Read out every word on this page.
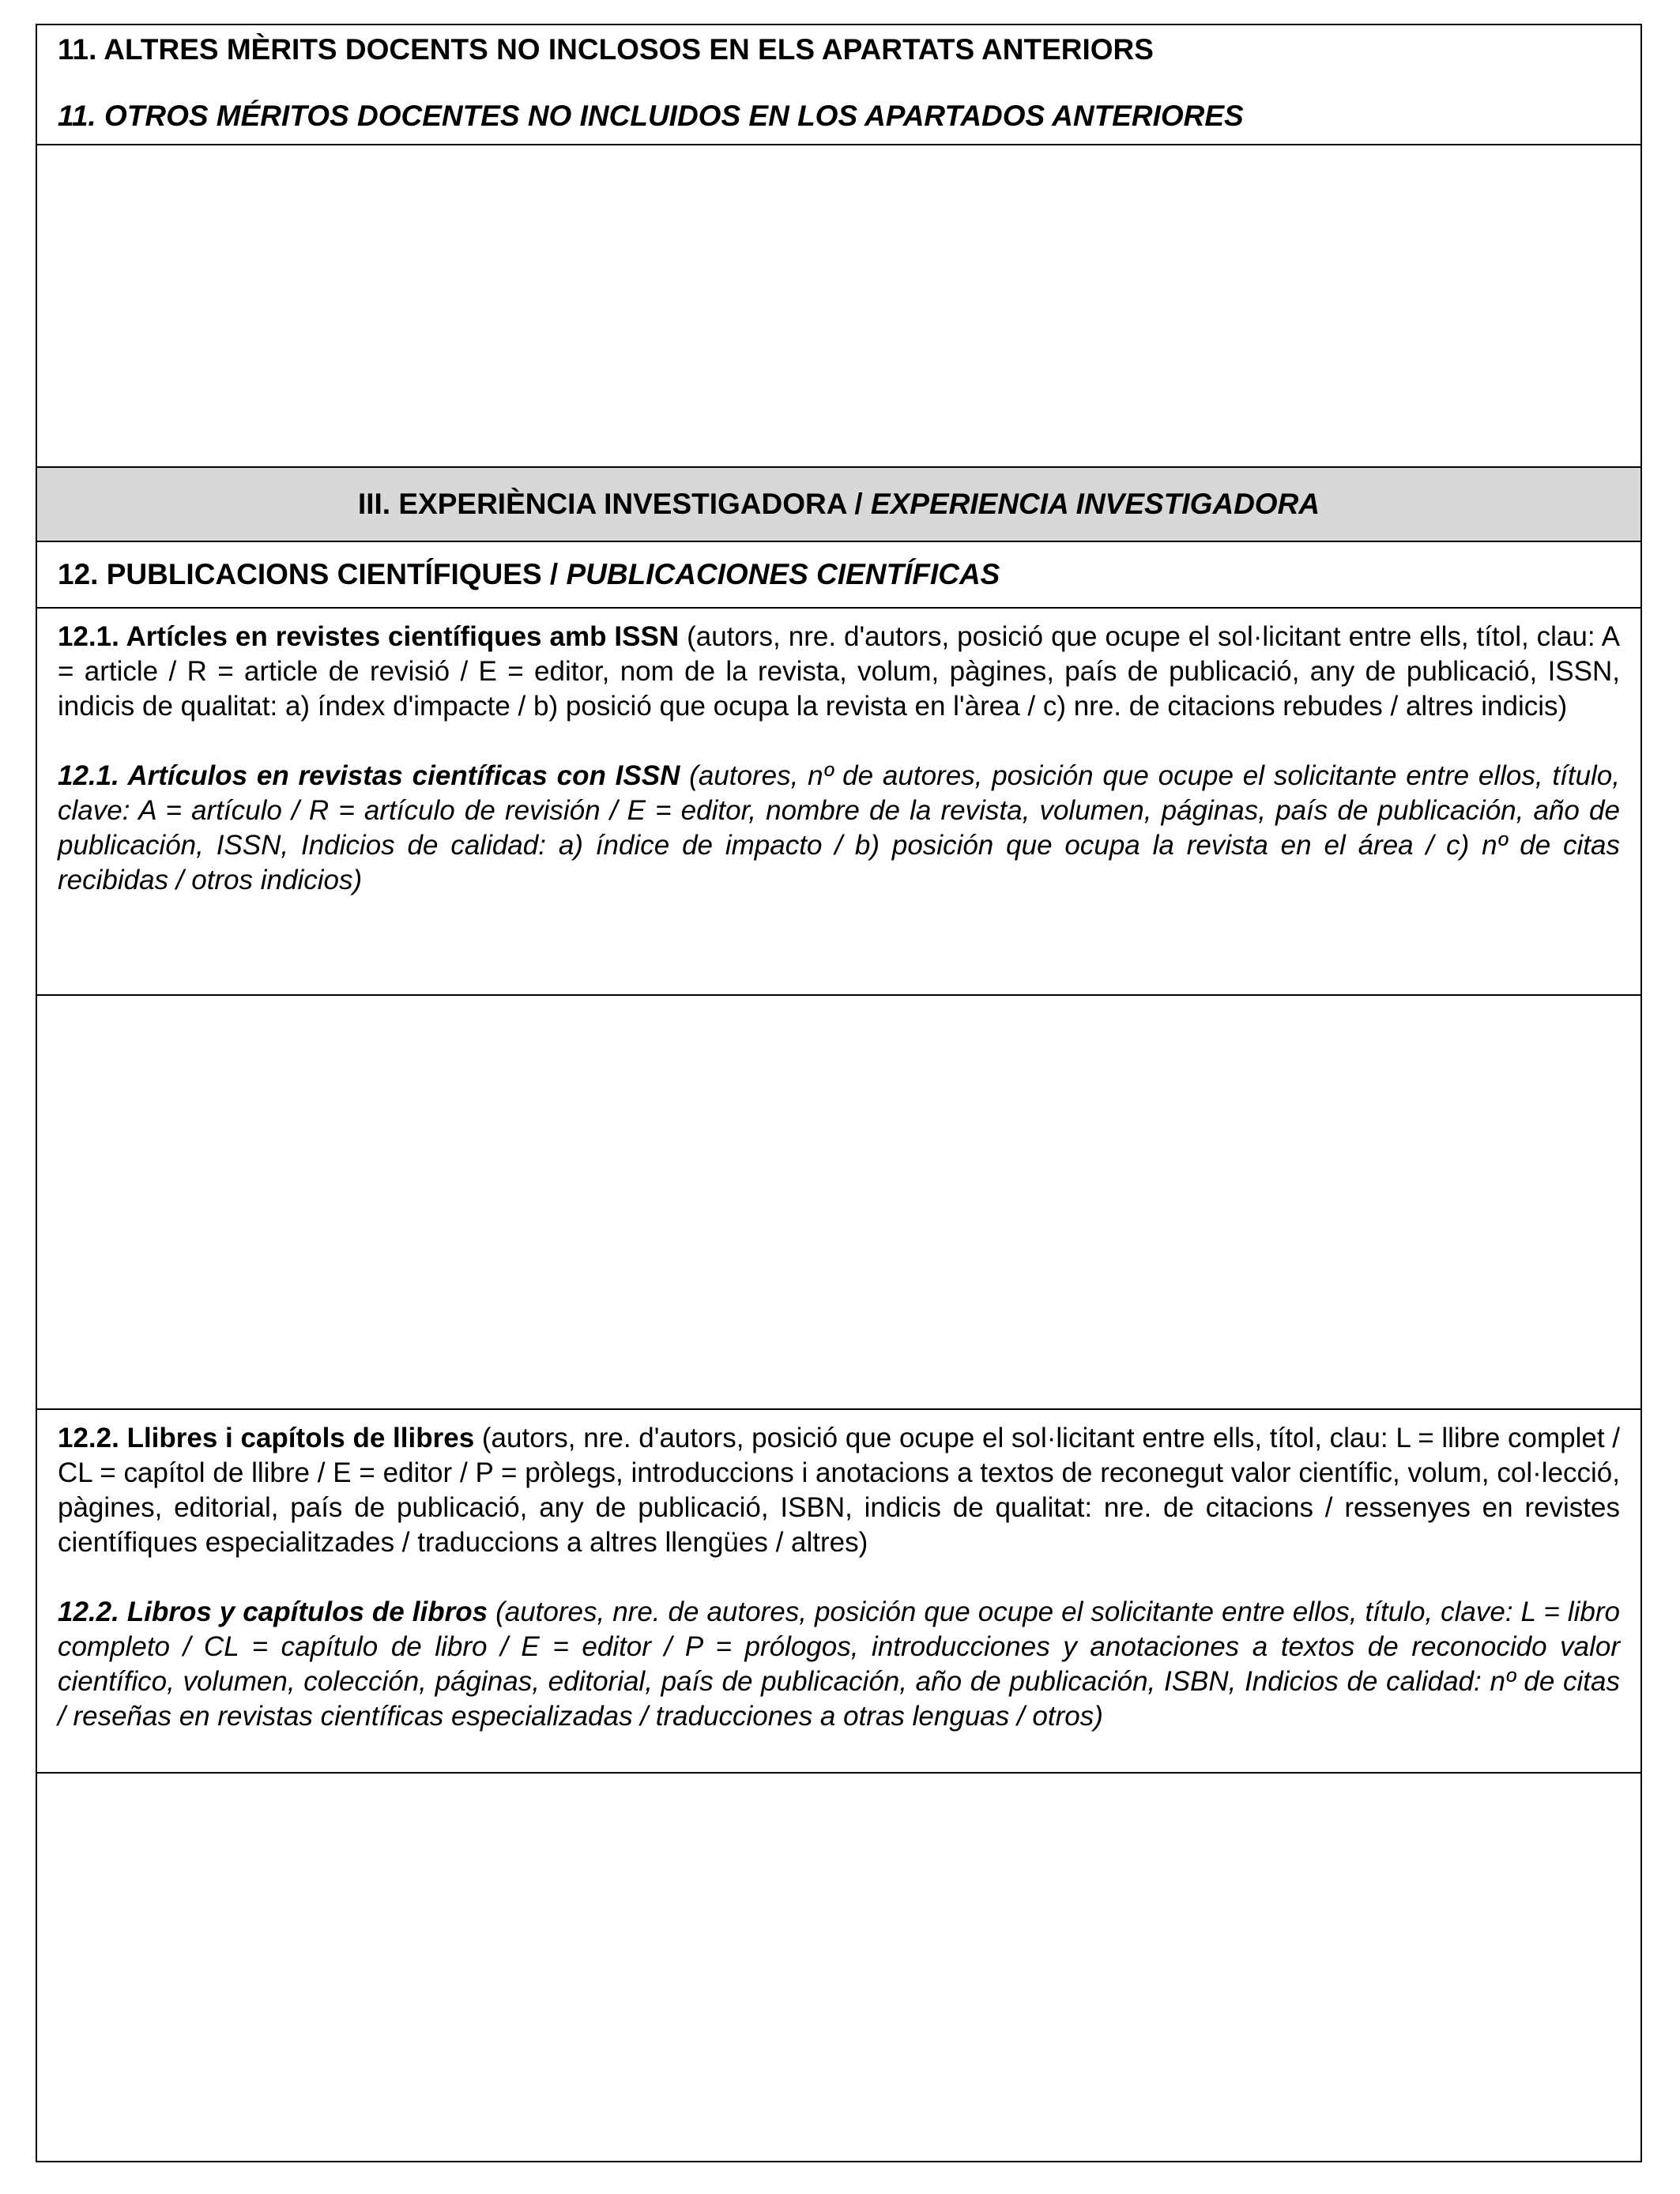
11. ALTRES MÈRITS DOCENTS NO INCLOSOS EN ELS APARTATS ANTERIORS

11. OTROS MÉRITOS DOCENTES NO INCLUIDOS EN LOS APARTADOS ANTERIORES

III. EXPERIÈNCIA INVESTIGADORA /
EXPERIENCIA INVESTIGADORA
12. PUBLICACIONS CIENTÍFIQUES /
PUBLICACIONES CIENTÍFICAS

12.1. Artícles en revistes científiques amb ISSN (autors, nre. d'autors, posició que ocupe el sol·licitant entre ells, títol, clau: A = article / R = article de revisió / E = editor, nom de la revista, volum, pàgines, país de publicació, any de publicació, ISSN, indicis de qualitat: a) índex d'impacte / b) posició que ocupa la revista en l'àrea / c) nre. de citacions rebudes / altres indicis)

12.1. Artículos en revistas científicas con ISSN (autores, nº de autores, posición que ocupe el solicitante entre ellos, título, clave: A = artículo / R = artículo de revisión / E = editor, nombre de la revista, volumen, páginas, país de publicación, año de publicación, ISSN, Indicios de calidad: a) índice de impacto / b) posición que ocupa la revista en el área / c) nº de citas recibidas / otros indicios)

12.2. Llibres i capítols de llibres (autors, nre. d'autors, posició que ocupe el sol·licitant entre ells, títol, clau: L = llibre complet / CL = capítol de llibre / E = editor / P = pròlegs, introduccions i anotacions a textos de reconegut valor científic, volum, col·lecció, pàgines, editorial, país de publicació, any de publicació, ISBN, indicis de qualitat: nre. de citacions / ressenyes en revistes científiques especialitzades / traduccions a altres llengües / altres)

12.2. Libros y capítulos de libros (autores, nre. de autores, posición que ocupe el solicitante entre ellos, título, clave: L = libro completo / CL = capítulo de libro / E = editor / P = prólogos, introducciones y anotaciones a textos de reconocido valor científico, volumen, colección, páginas, editorial, país de publicación, año de publicación, ISBN, Indicios de calidad: nº de citas / reseñas en revistas científicas especializadas / traducciones a otras lenguas / otros)
